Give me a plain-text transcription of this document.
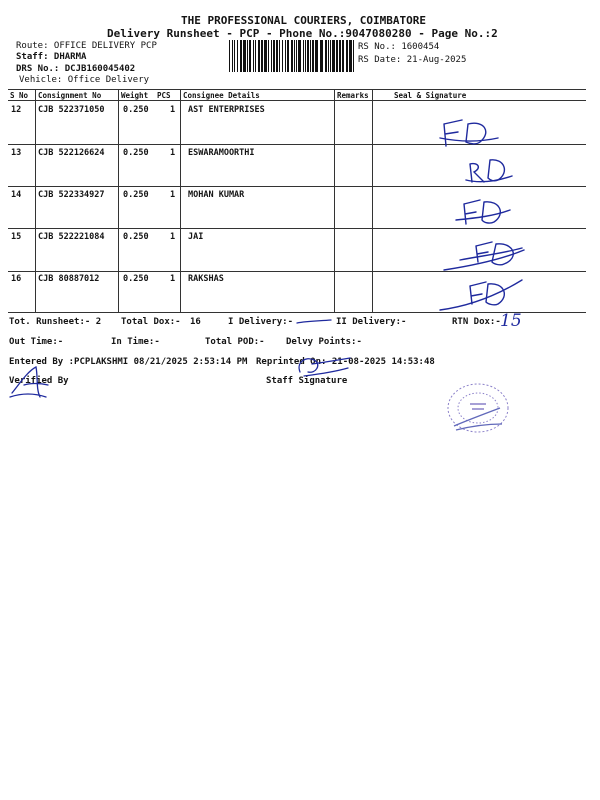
THE PROFESSIONAL COURIERS, COIMBATORE
Delivery Runsheet - PCP - Phone No.:9047080280 - Page No.:2
Route: OFFICE DELIVERY PCP
Staff: DHARMA
DRS No.: DCJB160045402
Vehicle: Office Delivery
RS No.: 1600454
RS Date: 21-Aug-2025
S No Consignment No	Weight PCS Consignee Details	Remarks	Seal & Signature
12 CJB 522371050 0.250	1 AST ENTERPRISES
13 CJB 522126624 0.250	1 ESWARAMOORTHI
14 CJB 522334927 0.250	1 MOHAN KUMAR
15 CJB 522221084 0.250	1 JAI
16 CJB 80887012	0.250	1 RAKSHAS
Tot. Runsheet:- 2 Total Dox:- 16	I Delivery:-	II Delivery:-	RTN Dox:- 15
Out Time:-	In Time:-	Total POD:- Delvy Points:-
Entered By :PCPLAKSHMI 08/21/2025 2:53:14 PM Reprinted On: 21-08-2025 14:53:48
Verified By	Staff Signature
